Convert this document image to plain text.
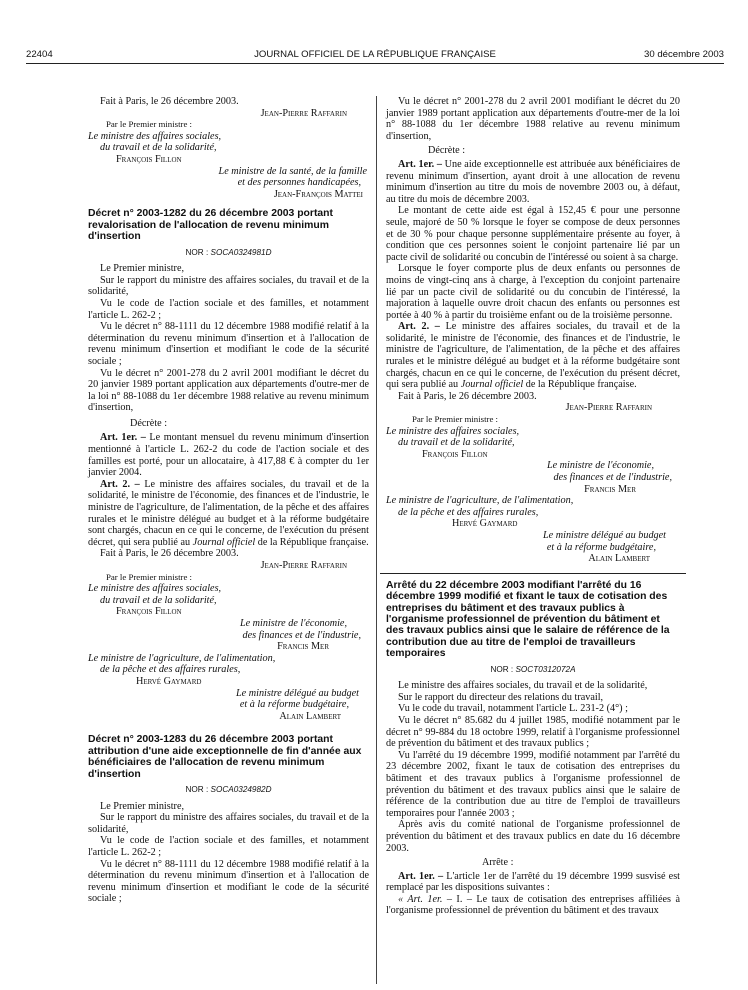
22404	JOURNAL OFFICIEL DE LA RÉPUBLIQUE FRANÇAISE	30 décembre 2003

Fait à Paris, le 26 décembre 2003.

Jean-Pierre Raffarin

Par le Premier ministre :

Le ministre des affaires sociales,

du travail et de la solidarité,

François Fillon

Le ministre de la santé, de la famille

et des personnes handicapées,

Jean-François Mattei

Décret n° 2003-1282 du 26 décembre 2003 portant revalorisation de l'allocation de revenu minimum d'insertion

NOR : SOCA0324981D

Le Premier ministre,

Sur le rapport du ministre des affaires sociales, du travail et de la solidarité,

Vu le code de l'action sociale et des familles, et notamment l'article L. 262-2 ;

Vu le décret n° 88-1111 du 12 décembre 1988 modifié relatif à la détermination du revenu minimum d'insertion et à l'allocation de revenu minimum d'insertion et modifiant le code de la sécurité sociale ;

Vu le décret n° 2001-278 du 2 avril 2001 modifiant le décret du 20 janvier 1989 portant application aux départements d'outre-mer de la loi n° 88-1088 du 1er décembre 1988 relative au revenu minimum d'insertion,

Décrète :

Art. 1er. – Le montant mensuel du revenu minimum d'insertion mentionné à l'article L. 262-2 du code de l'action sociale et des familles est porté, pour un allocataire, à 417,88 € à compter du 1er janvier 2004.

Art. 2. – Le ministre des affaires sociales, du travail et de la solidarité, le ministre de l'économie, des finances et de l'industrie, le ministre de l'agriculture, de l'alimentation, de la pêche et des affaires rurales et le ministre délégué au budget et à la réforme budgétaire sont chargés, chacun en ce qui le concerne, de l'exécution du présent décret, qui sera publié au Journal officiel de la République française.

Fait à Paris, le 26 décembre 2003.

Jean-Pierre Raffarin

Par le Premier ministre :

Le ministre des affaires sociales,

du travail et de la solidarité,

François Fillon

Le ministre de l'économie,

des finances et de l'industrie,

Francis Mer

Le ministre de l'agriculture, de l'alimentation,

de la pêche et des affaires rurales,

Hervé Gaymard

Le ministre délégué au budget

et à la réforme budgétaire,

Alain Lambert

Décret n° 2003-1283 du 26 décembre 2003 portant attribution d'une aide exceptionnelle de fin d'année aux bénéficiaires de l'allocation de revenu minimum d'insertion

NOR : SOCA0324982D

Le Premier ministre,

Sur le rapport du ministre des affaires sociales, du travail et de la solidarité,

Vu le code de l'action sociale et des familles, et notamment l'article L. 262-2 ;

Vu le décret n° 88-1111 du 12 décembre 1988 modifié relatif à la détermination du revenu minimum d'insertion et à l'allocation de revenu minimum d'insertion et modifiant le code de la sécurité sociale ;

Vu le décret n° 2001-278 du 2 avril 2001 modifiant le décret du 20 janvier 1989 portant application aux départements d'outre-mer de la loi n° 88-1088 du 1er décembre 1988 relative au revenu minimum d'insertion,

Décrète :

Art. 1er. – Une aide exceptionnelle est attribuée aux bénéficiaires de revenu minimum d'insertion, ayant droit à une allocation de revenu minimum d'insertion au titre du mois de novembre 2003 ou, à défaut, au titre du mois de décembre 2003.

Le montant de cette aide est égal à 152,45 € pour une personne seule, majoré de 50 % lorsque le foyer se compose de deux personnes et de 30 % pour chaque personne supplémentaire présente au foyer, à condition que ces personnes soient le conjoint partenaire lié par un pacte civil de solidarité ou concubin de l'intéressé ou soient à sa charge.

Lorsque le foyer comporte plus de deux enfants ou personnes de moins de vingt-cinq ans à charge, à l'exception du conjoint partenaire lié par un pacte civil de solidarité ou du concubin de l'intéressé, la majoration à laquelle ouvre droit chacun des enfants ou personnes est portée à 40 % à partir du troisième enfant ou de la troisième personne.

Art. 2. – Le ministre des affaires sociales, du travail et de la solidarité, le ministre de l'économie, des finances et de l'industrie, le ministre de l'agriculture, de l'alimentation, de la pêche et des affaires rurales et le ministre délégué au budget et à la réforme budgétaire sont chargés, chacun en ce qui le concerne, de l'exécution du présent décret, qui sera publié au Journal officiel de la République française.

Fait à Paris, le 26 décembre 2003.

Jean-Pierre Raffarin

Par le Premier ministre :

Le ministre des affaires sociales,

du travail et de la solidarité,

François Fillon

Le ministre de l'économie,

des finances et de l'industrie,

Francis Mer

Le ministre de l'agriculture, de l'alimentation,

de la pêche et des affaires rurales,

Hervé Gaymard

Le ministre délégué au budget

et à la réforme budgétaire,

Alain Lambert

Arrêté du 22 décembre 2003 modifiant l'arrêté du 16 décembre 1999 modifié et fixant le taux de cotisation des entreprises du bâtiment et des travaux publics à l'organisme professionnel de prévention du bâtiment et des travaux publics ainsi que le salaire de référence de la contribution due au titre de l'emploi de travailleurs temporaires

NOR : SOCT0312072A

Le ministre des affaires sociales, du travail et de la solidarité,

Sur le rapport du directeur des relations du travail,

Vu le code du travail, notamment l'article L. 231-2 (4°) ;

Vu le décret n° 85.682 du 4 juillet 1985, modifié notamment par le décret n° 99-884 du 18 octobre 1999, relatif à l'organisme professionnel de prévention du bâtiment et des travaux publics ;

Vu l'arrêté du 19 décembre 1999, modifié notamment par l'arrêté du 23 décembre 2002, fixant le taux de cotisation des entreprises du bâtiment et des travaux publics à l'organisme professionnel de prévention du bâtiment et des travaux publics ainsi que le salaire de référence de la contribution due au titre de l'emploi de travailleurs temporaires pour l'année 2003 ;

Après avis du comité national de l'organisme professionnel de prévention du bâtiment et des travaux publics en date du 16 décembre 2003.

Arrête :

Art. 1er. – L'article 1er de l'arrêté du 19 décembre 1999 susvisé est remplacé par les dispositions suivantes :

« Art. 1er. – I. – Le taux de cotisation des entreprises affiliées à l'organisme professionnel de prévention du bâtiment et des travaux
